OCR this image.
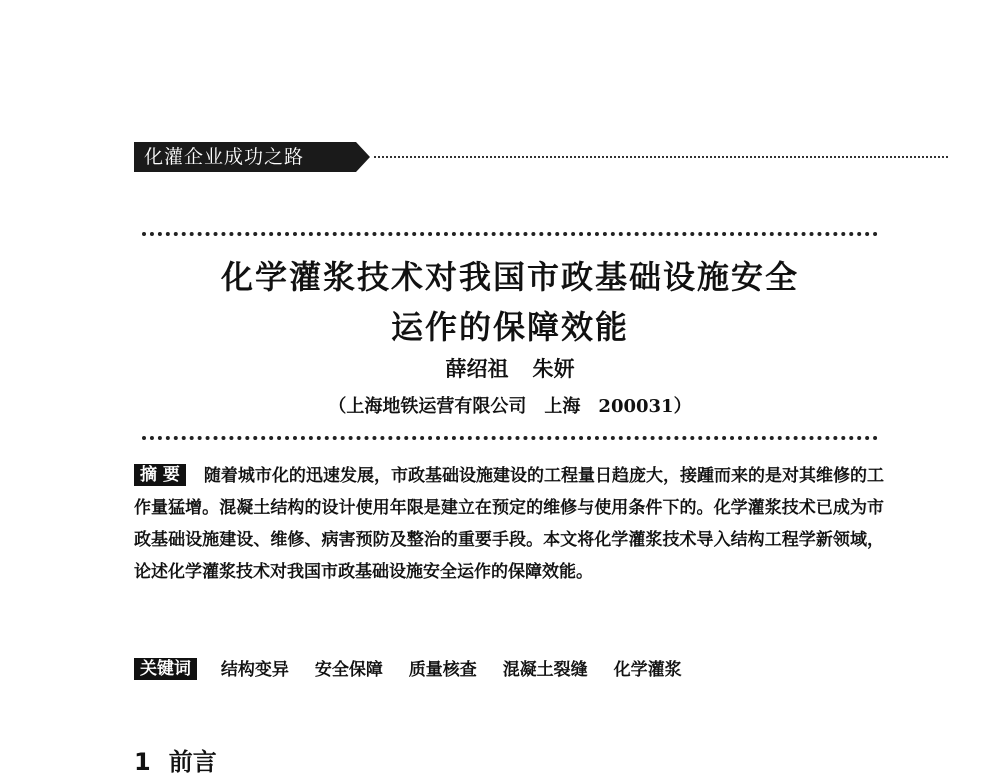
化灌企业成功之路
化学灌浆技术对我国市政基础设施安全
运作的保障效能
薛绍祖 朱妍
（上海地铁运营有限公司　上海　200031）
摘 要 随着城市化的迅速发展，市政基础设施建设的工程量日趋庞大，接踵而来的是对其维修的工作量猛增。混凝土结构的设计使用年限是建立在预定的维修与使用条件下的。化学灌浆技术已成为市政基础设施建设、维修、病害预防及整治的重要手段。本文将化学灌浆技术导入结构工程学新领域，论述化学灌浆技术对我国市政基础设施安全运作的保障效能。
关键词 结构变异 安全保障 质量核查 混凝土裂缝 化学灌浆
1 前言
